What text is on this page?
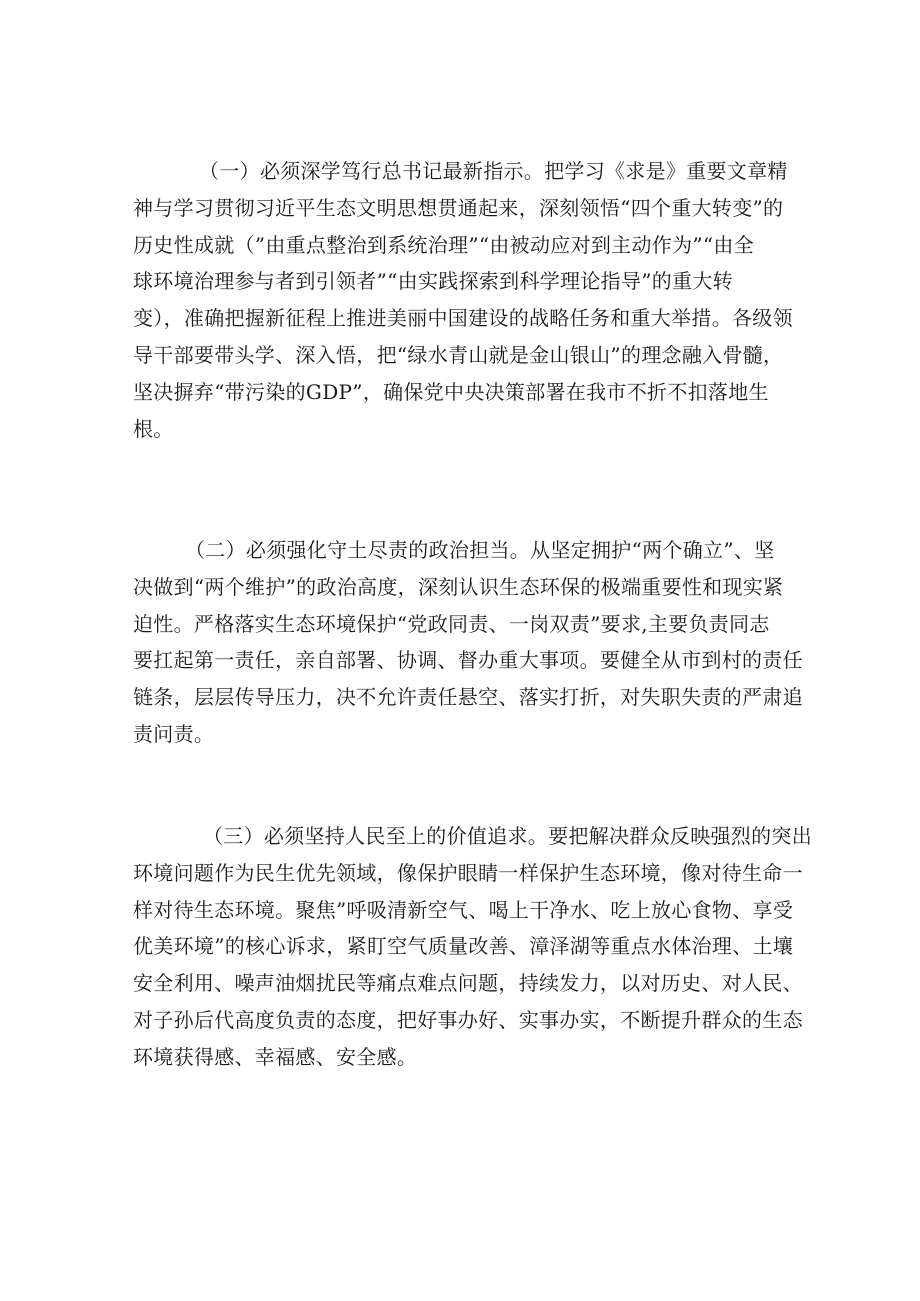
（一）必须深学笃行总书记最新指示。把学习《求是》重要文章精
神与学习贯彻习近平生态文明思想贯通起来，深刻领悟“四个重大转变”的
历史性成就（”由重点整治到系统治理”“由被动应对到主动作为”“由全
球环境治理参与者到引领者”“由实践探索到科学理论指导”的重大转
变），准确把握新征程上推进美丽中国建设的战略任务和重大举措。各级领
导干部要带头学、深入悟，把“绿水青山就是金山银山”的理念融入骨髓，
坚决摒弃“带污染的GDP”，确保党中央决策部署在我市不折不扣落地生
根。
（二）必须强化守土尽责的政治担当。从坚定拥护“两个确立”、坚
决做到“两个维护”的政治高度，深刻认识生态环保的极端重要性和现实紧
迫性。严格落实生态环境保护“党政同责、一岗双责”要求,主要负责同志
要扛起第一责任，亲自部署、协调、督办重大事项。要健全从市到村的责任
链条，层层传导压力，决不允许责任悬空、落实打折，对失职失责的严肃追
责问责。
（三）必须坚持人民至上的价值追求。要把解决群众反映强烈的突出
环境问题作为民生优先领域，像保护眼睛一样保护生态环境，像对待生命一
样对待生态环境。聚焦”呼吸清新空气、喝上干净水、吃上放心食物、享受
优美环境”的核心诉求，紧盯空气质量改善、漳泽湖等重点水体治理、土壤
安全利用、噪声油烟扰民等痛点难点问题，持续发力，以对历史、对人民、
对子孙后代高度负责的态度，把好事办好、实事办实，不断提升群众的生态
环境获得感、幸福感、安全感。
